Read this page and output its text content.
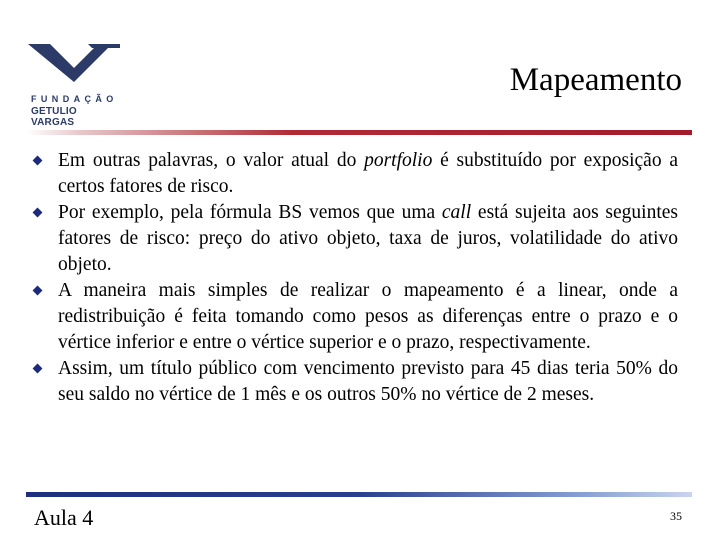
FUNDAÇÃO
GETULIO VARGAS
Mapeamento
Em outras palavras, o valor atual do portfolio é substituído por exposição a certos fatores de risco.
Por exemplo, pela fórmula BS vemos que uma call está sujeita aos seguintes fatores de risco: preço do ativo objeto, taxa de juros, volatilidade do ativo objeto.
A maneira mais simples de realizar o mapeamento é a linear, onde a redistribuição é feita tomando como pesos as diferenças entre o prazo e o vértice inferior e entre o vértice superior e o prazo, respectivamente.
Assim, um título público com vencimento previsto para 45 dias teria 50% do seu saldo no vértice de 1 mês e os outros 50% no vértice de 2 meses.
Aula 4	35
